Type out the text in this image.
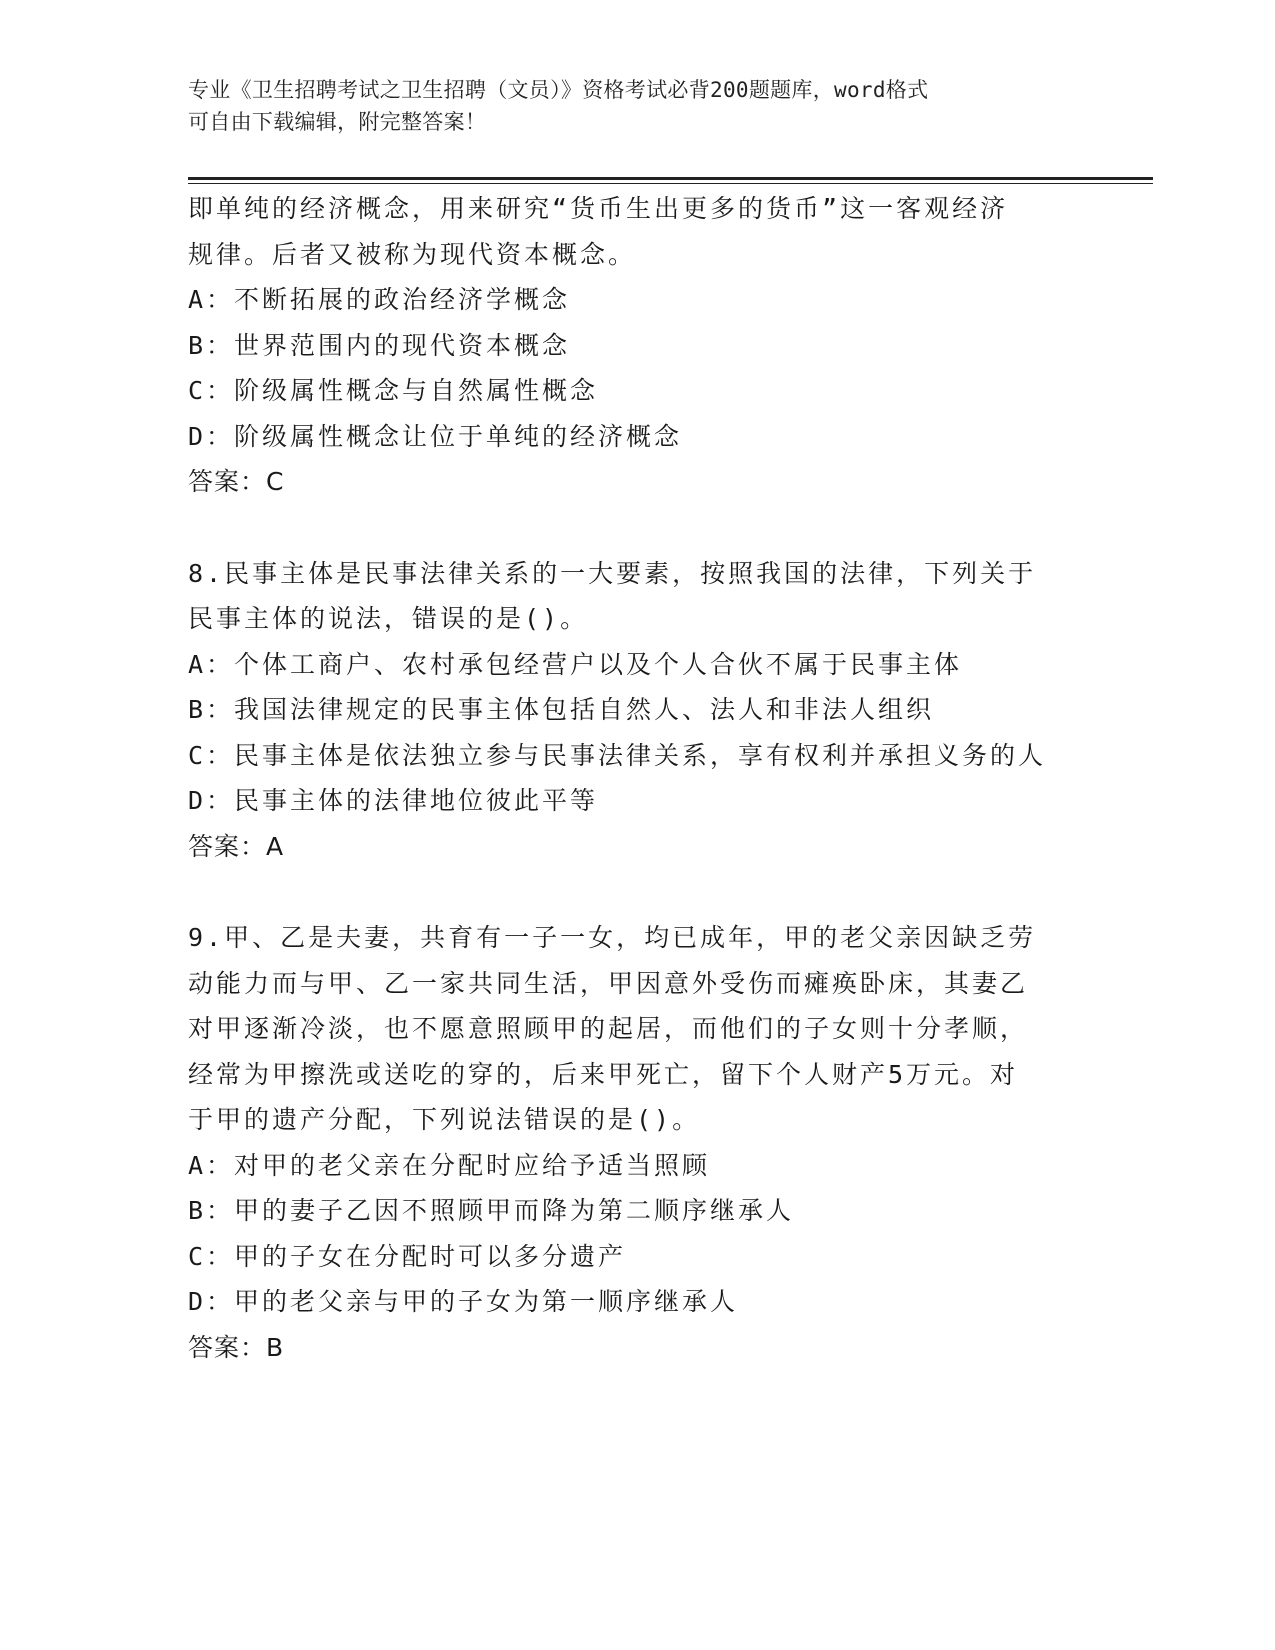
专业《卫生招聘考试之卫生招聘（文员）》资格考试必背200题题库，word格式

可自由下载编辑，附完整答案！

即单纯的经济概念，用来研究“货币生出更多的货币”这一客观经济

规律。后者又被称为现代资本概念。

A：不断拓展的政治经济学概念

B：世界范围内的现代资本概念

C：阶级属性概念与自然属性概念

D：阶级属性概念让位于单纯的经济概念

答案：C

8.民事主体是民事法律关系的一大要素，按照我国的法律，下列关于

民事主体的说法，错误的是()。

A：个体工商户、农村承包经营户以及个人合伙不属于民事主体

B：我国法律规定的民事主体包括自然人、法人和非法人组织

C：民事主体是依法独立参与民事法律关系，享有权利并承担义务的人

D：民事主体的法律地位彼此平等

答案：A

9.甲、乙是夫妻，共育有一子一女，均已成年，甲的老父亲因缺乏劳

动能力而与甲、乙一家共同生活，甲因意外受伤而瘫痪卧床，其妻乙

对甲逐渐冷淡，也不愿意照顾甲的起居，而他们的子女则十分孝顺，

经常为甲擦洗或送吃的穿的，后来甲死亡，留下个人财产5万元。对

于甲的遗产分配，下列说法错误的是()。

A：对甲的老父亲在分配时应给予适当照顾

B：甲的妻子乙因不照顾甲而降为第二顺序继承人

C：甲的子女在分配时可以多分遗产

D：甲的老父亲与甲的子女为第一顺序继承人

答案：B
